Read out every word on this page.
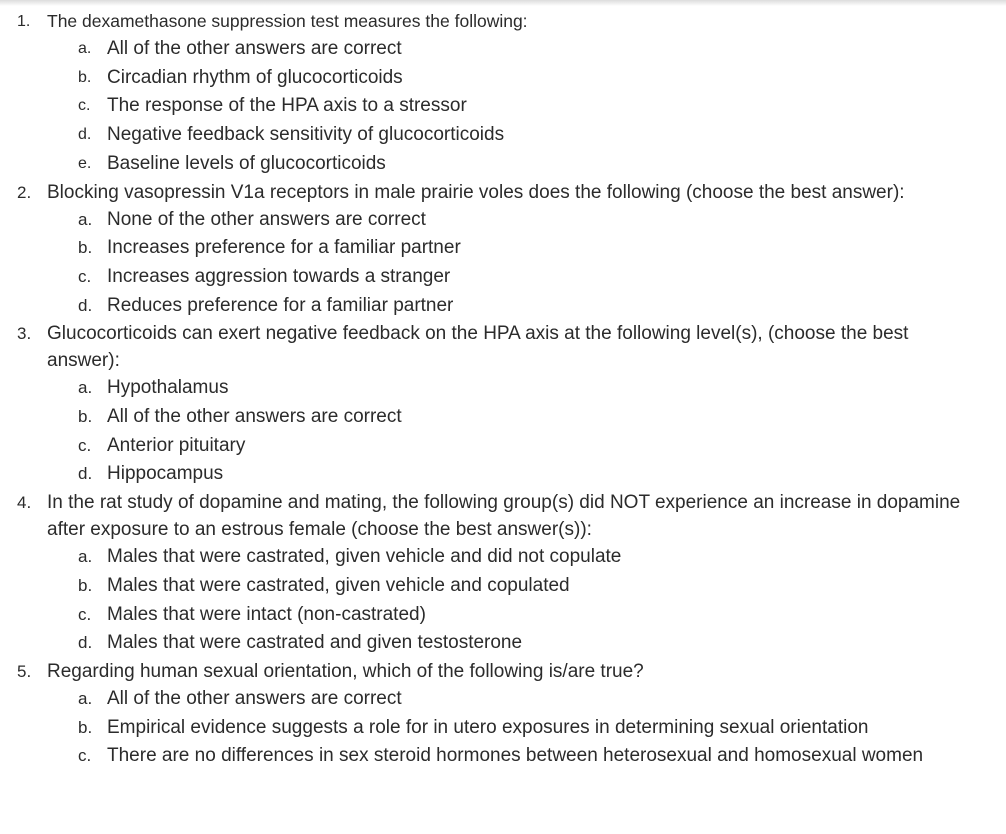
1. The dexamethasone suppression test measures the following:
a. All of the other answers are correct
b. Circadian rhythm of glucocorticoids
c. The response of the HPA axis to a stressor
d. Negative feedback sensitivity of glucocorticoids
e. Baseline levels of glucocorticoids
2. Blocking vasopressin V1a receptors in male prairie voles does the following (choose the best answer):
a. None of the other answers are correct
b. Increases preference for a familiar partner
c. Increases aggression towards a stranger
d. Reduces preference for a familiar partner
3. Glucocorticoids can exert negative feedback on the HPA axis at the following level(s), (choose the best answer):
a. Hypothalamus
b. All of the other answers are correct
c. Anterior pituitary
d. Hippocampus
4. In the rat study of dopamine and mating, the following group(s) did NOT experience an increase in dopamine after exposure to an estrous female (choose the best answer(s)):
a. Males that were castrated, given vehicle and did not copulate
b. Males that were castrated, given vehicle and copulated
c. Males that were intact (non-castrated)
d. Males that were castrated and given testosterone
5. Regarding human sexual orientation, which of the following is/are true?
a. All of the other answers are correct
b. Empirical evidence suggests a role for in utero exposures in determining sexual orientation
c. There are no differences in sex steroid hormones between heterosexual and homosexual women
